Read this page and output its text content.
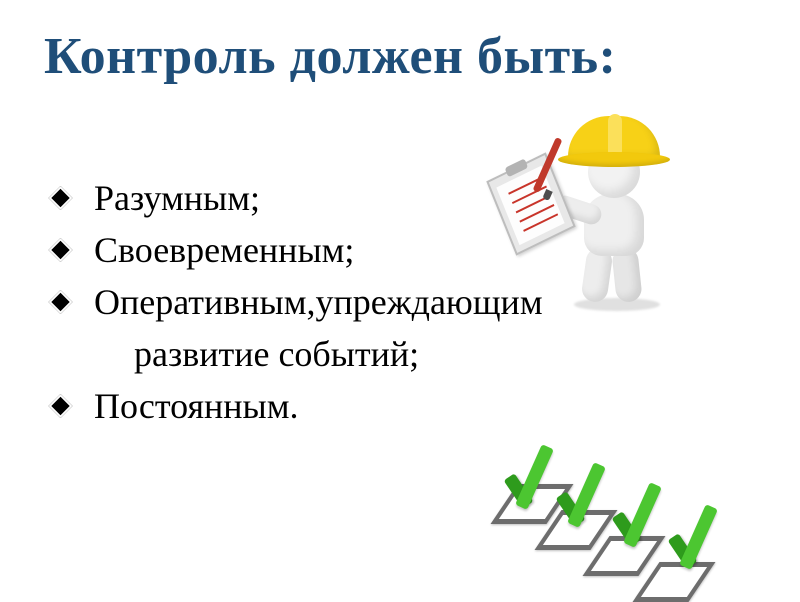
Контроль должен быть:
Разумным;
Своевременным;
Оперативным,упреждающим
развитие событий;
Постоянным.
